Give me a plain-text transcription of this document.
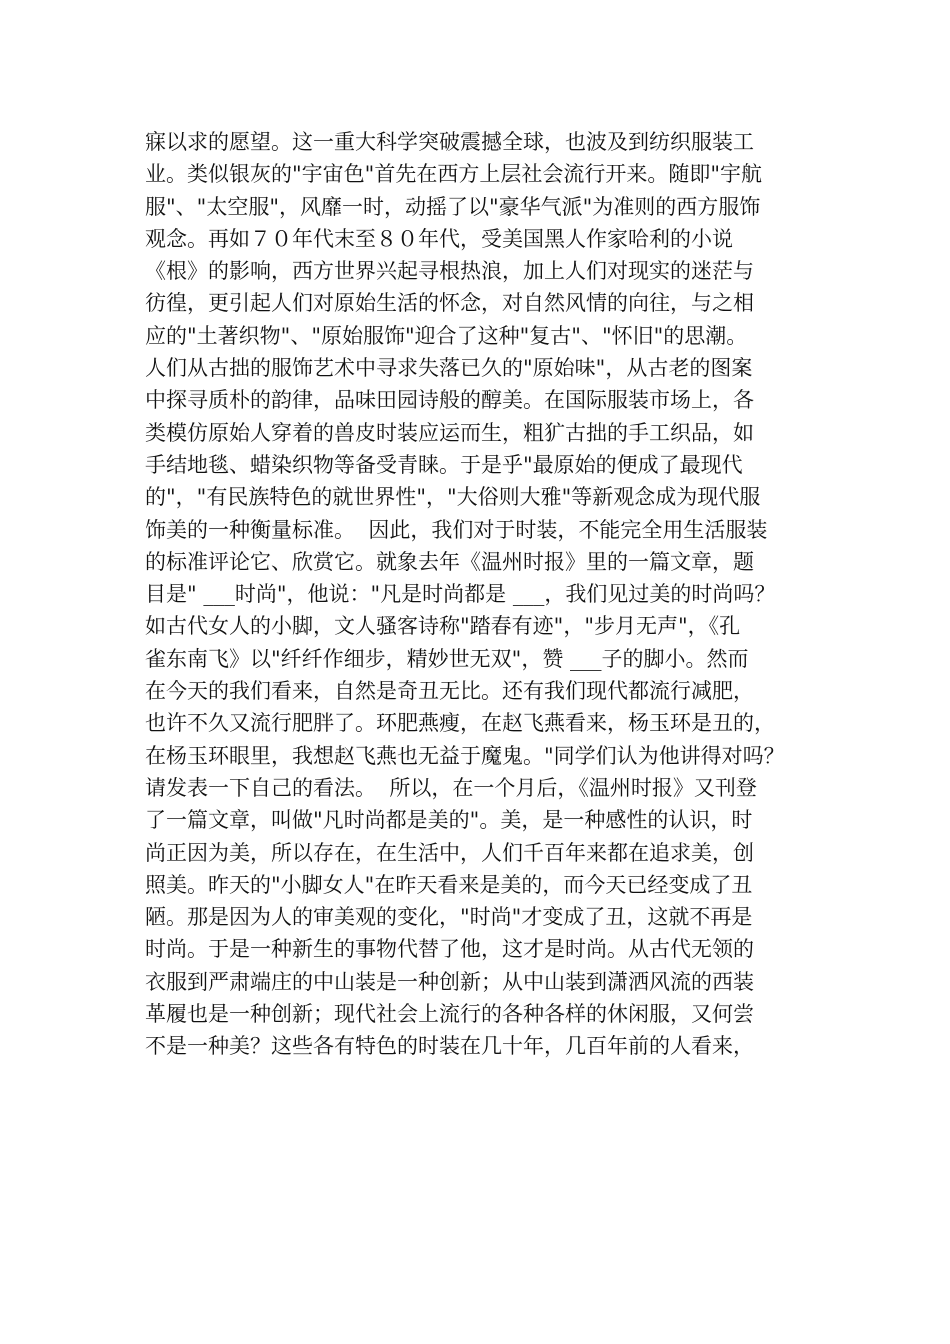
寐以求的愿望。这一重大科学突破震撼全球，也波及到纺织服装工
业。类似银灰的"宇宙色"首先在西方上层社会流行开来。随即"宇航
服"、"太空服"，风靡一时，动摇了以"豪华气派"为准则的西方服饰
观念。再如７０年代末至８０年代，受美国黑人作家哈利的小说
《根》的影响，西方世界兴起寻根热浪，加上人们对现实的迷茫与
彷徨，更引起人们对原始生活的怀念，对自然风情的向往，与之相
应的"土著织物"、"原始服饰"迎合了这种"复古"、"怀旧"的思潮。
人们从古拙的服饰艺术中寻求失落已久的"原始味"，从古老的图案
中探寻质朴的韵律，品味田园诗般的醇美。在国际服装市场上，各
类模仿原始人穿着的兽皮时装应运而生，粗犷古拙的手工织品，如
手结地毯、蜡染织物等备受青睐。于是乎"最原始的便成了最现代
的"，"有民族特色的就世界性"，"大俗则大雅"等新观念成为现代服
饰美的一种衡量标准。  因此，我们对于时装，不能完全用生活服装
的标准评论它、欣赏它。就象去年《温州时报》里的一篇文章，题
目是" ___时尚"，他说："凡是时尚都是 ___，我们见过美的时尚吗？
如古代女人的小脚，文人骚客诗称"踏春有迹"，"步月无声"，《孔
雀东南飞》以"纤纤作细步，精妙世无双"，赞 ___子的脚小。然而
在今天的我们看来，自然是奇丑无比。还有我们现代都流行减肥，
也许不久又流行肥胖了。环肥燕瘦，在赵飞燕看来，杨玉环是丑的，
在杨玉环眼里，我想赵飞燕也无益于魔鬼。"同学们认为他讲得对吗？
请发表一下自己的看法。  所以，在一个月后，《温州时报》又刊登
了一篇文章，叫做"凡时尚都是美的"。美，是一种感性的认识，时
尚正因为美，所以存在，在生活中，人们千百年来都在追求美，创
照美。昨天的"小脚女人"在昨天看来是美的，而今天已经变成了丑
陋。那是因为人的审美观的变化，"时尚"才变成了丑，这就不再是
时尚。于是一种新生的事物代替了他，这才是时尚。从古代无领的
衣服到严肃端庄的中山装是一种创新；从中山装到潇洒风流的西装
革履也是一种创新；现代社会上流行的各种各样的休闲服，又何尝
不是一种美？这些各有特色的时装在几十年，几百年前的人看来，
